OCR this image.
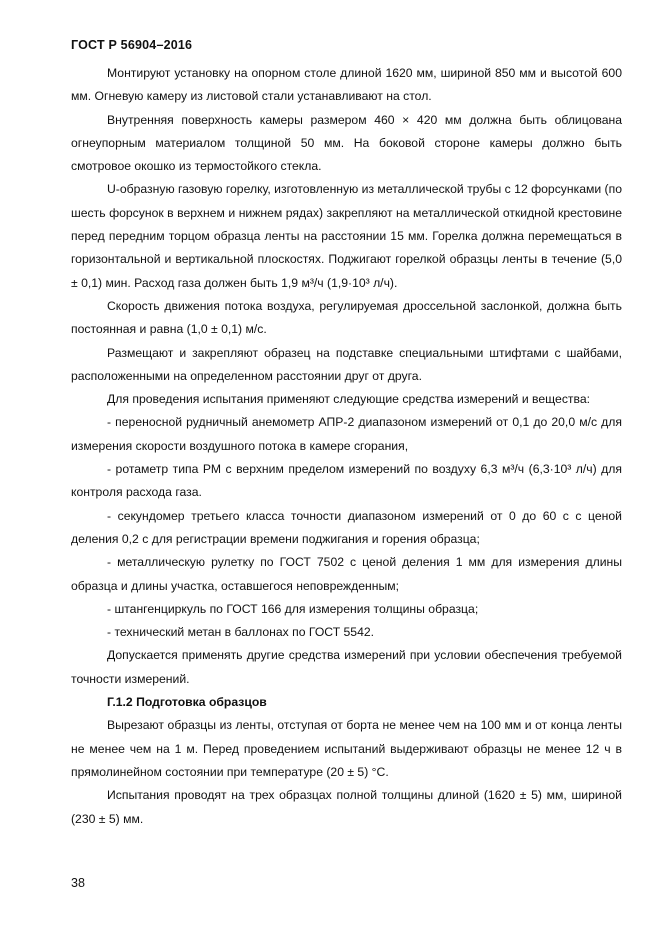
ГОСТ Р 56904–2016

Монтируют установку на опорном столе длиной 1620 мм, шириной 850 мм и высотой 600 мм. Огневую камеру из листовой стали устанавливают на стол.

Внутренняя поверхность камеры размером 460 × 420 мм должна быть облицована огнеупорным материалом толщиной 50 мм. На боковой стороне камеры должно быть смотровое окошко из термостойкого стекла.

U-образную газовую горелку, изготовленную из металлической трубы с 12 форсунками (по шесть форсунок в верхнем и нижнем рядах) закрепляют на металлической откидной крестовине перед передним торцом образца ленты на расстоянии 15 мм. Горелка должна перемещаться в горизонтальной и вертикальной плоскостях. Поджигают горелкой образцы ленты в течение (5,0 ± 0,1) мин. Расход газа должен быть 1,9 м³/ч (1,9·10³ л/ч).

Скорость движения потока воздуха, регулируемая дроссельной заслонкой, должна быть постоянная и равна (1,0 ± 0,1) м/с.

Размещают и закрепляют образец на подставке специальными штифтами с шайбами, расположенными на определенном расстоянии друг от друга.

Для проведения испытания применяют следующие средства измерений и вещества:

- переносной рудничный анемометр АПР-2 диапазоном измерений от 0,1 до 20,0 м/с для измерения скорости воздушного потока в камере сгорания,

- ротаметр типа РМ с верхним пределом измерений по воздуху 6,3 м³/ч (6,3·10³ л/ч) для контроля расхода газа.

- секундомер третьего класса точности диапазоном измерений от 0 до 60 с с ценой деления 0,2 с для регистрации времени поджигания и горения образца;

- металлическую рулетку по ГОСТ 7502 с ценой деления 1 мм для измерения длины образца и длины участка, оставшегося неповрежденным;

- штангенциркуль по ГОСТ 166 для измерения толщины образца;

- технический метан в баллонах по ГОСТ 5542.

Допускается применять другие средства измерений при условии обеспечения требуемой точности измерений.

Г.1.2 Подготовка образцов

Вырезают образцы из ленты, отступая от борта не менее чем на 100 мм и от конца ленты не менее чем на 1 м. Перед проведением испытаний выдерживают образцы не менее 12 ч в прямолинейном состоянии при температуре (20 ± 5) °С.

Испытания проводят на трех образцах полной толщины длиной (1620 ± 5) мм, шириной (230 ± 5) мм.

38
